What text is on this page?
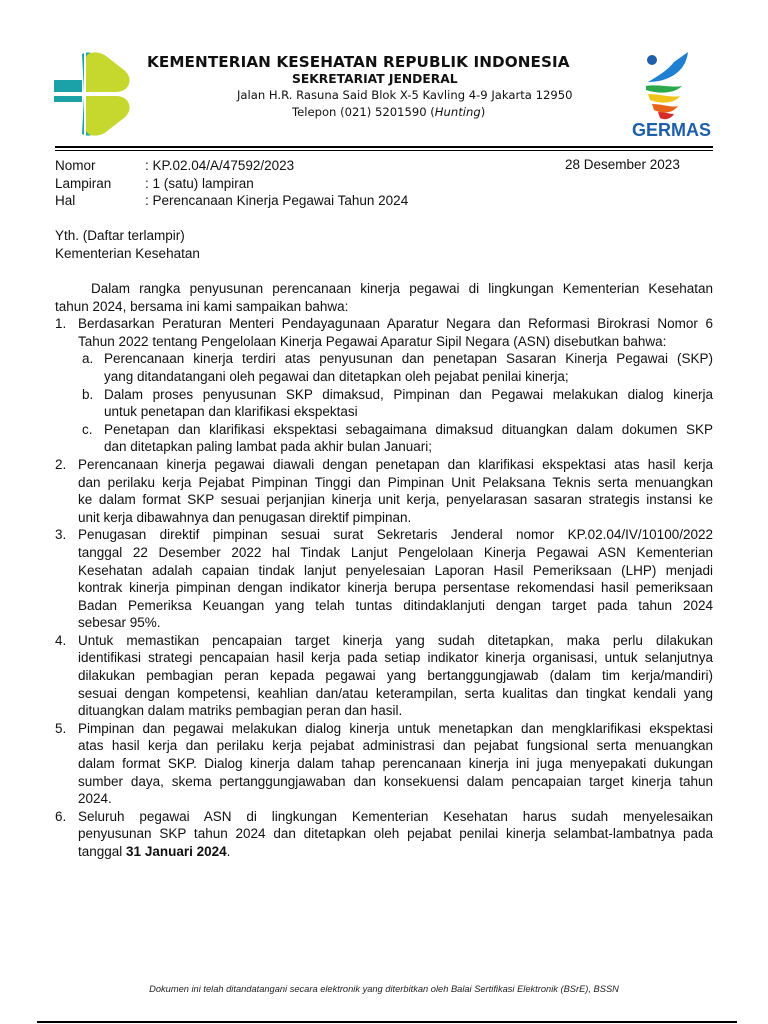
KEMENTERIAN KESEHATAN REPUBLIK INDONESIA
SEKRETARIAT JENDERAL
Jalan H.R. Rasuna Said Blok X-5 Kavling 4-9 Jakarta 12950
Telepon (021) 5201590 (Hunting)
GERMAS
Nomor	: KP.02.04/A/47592/2023
Lampiran : 1 (satu) lampiran
Hal	: Perencanaan Kinerja Pegawai Tahun 2024
28 Desember 2023
Yth. (Daftar terlampir)
Kementerian Kesehatan
Dalam rangka penyusunan perencanaan kinerja pegawai di lingkungan Kementerian Kesehatan
tahun 2024, bersama ini kami sampaikan bahwa:
1. Berdasarkan Peraturan Menteri Pendayagunaan Aparatur Negara dan Reformasi Birokrasi Nomor 6
Tahun 2022 tentang Pengelolaan Kinerja Pegawai Aparatur Sipil Negara (ASN) disebutkan bahwa:
a. Perencanaan kinerja terdiri atas penyusunan dan penetapan Sasaran Kinerja Pegawai (SKP)
yang ditandatangani oleh pegawai dan ditetapkan oleh pejabat penilai kinerja;
b. Dalam proses penyusunan SKP dimaksud, Pimpinan dan Pegawai melakukan dialog kinerja
untuk penetapan dan klarifikasi ekspektasi
c. Penetapan dan klarifikasi ekspektasi sebagaimana dimaksud dituangkan dalam dokumen SKP
dan ditetapkan paling lambat pada akhir bulan Januari;
2. Perencanaan kinerja pegawai diawali dengan penetapan dan klarifikasi ekspektasi atas hasil kerja
dan perilaku kerja Pejabat Pimpinan Tinggi dan Pimpinan Unit Pelaksana Teknis serta menuangkan
ke dalam format SKP sesuai perjanjian kinerja unit kerja, penyelarasan sasaran strategis instansi ke
unit kerja dibawahnya dan penugasan direktif pimpinan.
3. Penugasan direktif pimpinan sesuai surat Sekretaris Jenderal nomor KP.02.04/IV/10100/2022
tanggal 22 Desember 2022 hal Tindak Lanjut Pengelolaan Kinerja Pegawai ASN Kementerian
Kesehatan adalah capaian tindak lanjut penyelesaian Laporan Hasil Pemeriksaan (LHP) menjadi
kontrak kinerja pimpinan dengan indikator kinerja berupa persentase rekomendasi hasil pemeriksaan
Badan Pemeriksa Keuangan yang telah tuntas ditindaklanjuti dengan target pada tahun 2024
sebesar 95%.
4. Untuk memastikan pencapaian target kinerja yang sudah ditetapkan, maka perlu dilakukan
identifikasi strategi pencapaian hasil kerja pada setiap indikator kinerja organisasi, untuk selanjutnya
dilakukan pembagian peran kepada pegawai yang bertanggungjawab (dalam tim kerja/mandiri)
sesuai dengan kompetensi, keahlian dan/atau keterampilan, serta kualitas dan tingkat kendali yang
dituangkan dalam matriks pembagian peran dan hasil.
5. Pimpinan dan pegawai melakukan dialog kinerja untuk menetapkan dan mengklarifikasi ekspektasi
atas hasil kerja dan perilaku kerja pejabat administrasi dan pejabat fungsional serta menuangkan
dalam format SKP. Dialog kinerja dalam tahap perencanaan kinerja ini juga menyepakati dukungan
sumber daya, skema pertanggungjawaban dan konsekuensi dalam pencapaian target kinerja tahun
2024.
6. Seluruh pegawai ASN di lingkungan Kementerian Kesehatan harus sudah menyelesaikan
penyusunan SKP tahun 2024 dan ditetapkan oleh pejabat penilai kinerja selambat-lambatnya pada
tanggal 31 Januari 2024.
Dokumen ini telah ditandatangani secara elektronik yang diterbitkan oleh Balai Sertifikasi Elektronik (BSrE), BSSN
